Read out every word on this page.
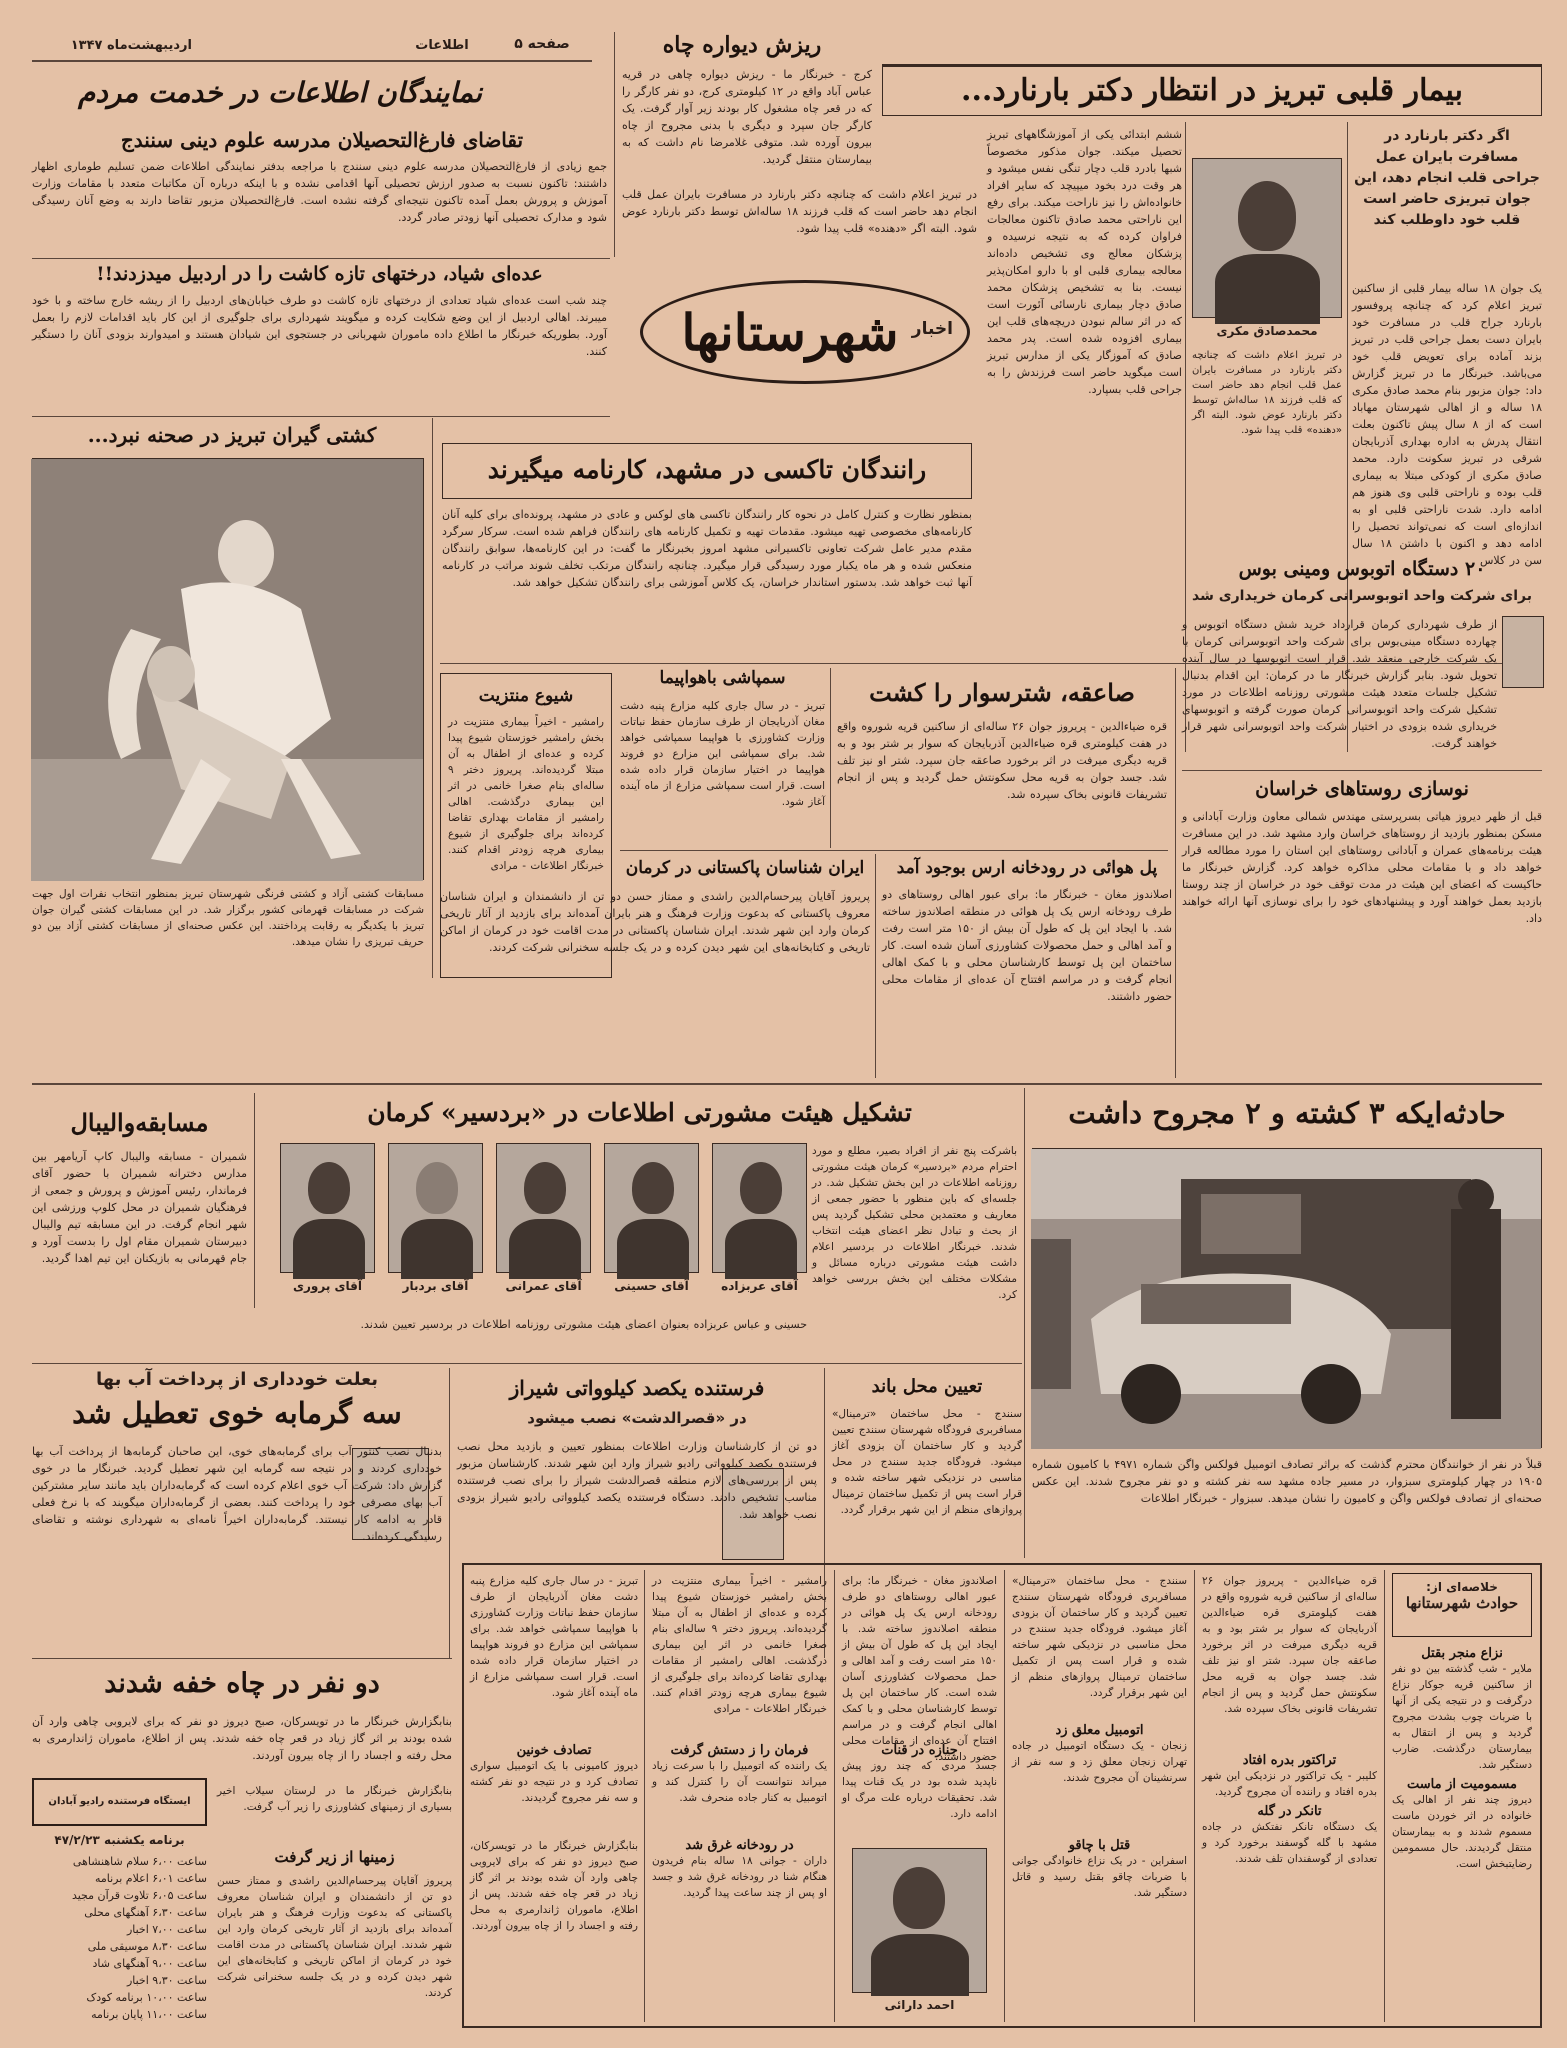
اردیبهشت‌ماه ۱۳۴۷	اطلاعات	صفحه ۵
نمایندگان اطلاعات در خدمت مردم	بیمار قلبی تبریز در انتظار دکتر بارنارد...
اگر دکتر بارنارد در مسافرت بایران عمل جراحی قلب انجام دهد، این جوان تبریزی حاضر است قلب خود داوطلب کند
محمدصادق مکری
یک جوان ۱۸ ساله بیمار قلبی از ساکنین تبریز اعلام کرد که چنانچه پروفسور بارنارد جراح قلب در مسافرت خود بایران دست بعمل جراحی قلب در تبریز بزند آماده برای تعویض قلب خود می‌باشد. خبرنگار ما در تبریز گزارش داد: جوان مزبور بنام محمد صادق مکری ۱۸ ساله و از اهالی شهرستان مهاباد است که از ۸ سال پیش تاکنون بعلت انتقال پدرش به اداره بهداری آذربایجان شرقی در تبریز سکونت دارد. محمد صادق مکری از کودکی مبتلا به بیماری قلب بوده و ناراحتی قلبی وی هنوز هم ادامه دارد. شدت ناراحتی قلبی او به اندازه‌ای است که نمی‌تواند تحصیل را ادامه دهد و اکنون با داشتن ۱۸ سال سن در کلاس
ششم ابتدائی یکی از آموزشگاههای تبریز تحصیل میکند. جوان مذکور مخصوصاً شبها بادرد قلب دچار تنگی نفس میشود و هر وقت درد بخود میپیچد که سایر افراد خانواده‌اش را نیز ناراحت میکند. برای رفع این ناراحتی محمد صادق تاکنون معالجات فراوان کرده که به نتیجه نرسیده و پزشکان معالج وی تشخیص داده‌اند معالجه بیماری قلبی او با دارو امکان‌پذیر نیست. بنا به تشخیص پزشکان محمد صادق دچار بیماری نارسائی آئورت است که در اثر سالم نبودن دریچه‌های قلب این بیماری افزوده شده است. پدر محمد صادق که آموزگار یکی از مدارس تبریز است میگوید حاضر است فرزندش را به جراحی قلب بسپارد.
در تبریز اعلام داشت که چنانچه دکتر بارنارد در مسافرت بایران عمل قلب انجام دهد حاضر است که قلب فرزند ۱۸ ساله‌اش توسط دکتر بارنارد عوض شود. البته اگر «دهنده» قلب پیدا شود.
ریزش دیواره چاه
کرج - خبرنگار ما - ریزش دیواره چاهی در قریه عباس آباد واقع در ۱۲ کیلومتری کرج، دو نفر کارگر را که در قعر چاه مشغول کار بودند زیر آوار گرفت. یک کارگر جان سپرد و دیگری با بدنی مجروح از چاه بیرون آورده شد. متوفی غلامرضا نام داشت که به بیمارستان منتقل گردید.
در تبریز اعلام داشت که چنانچه دکتر بارنارد در مسافرت بایران عمل قلب انجام دهد حاضر است که قلب فرزند ۱۸ ساله‌اش توسط دکتر بارنارد عوض شود. البته اگر «دهنده» قلب پیدا شود.
اخبار
شهرستانها
تقاضای فارغ‌التحصیلان مدرسه علوم دینی سنندج
جمع زیادی از فارغ‌التحصیلان مدرسه علوم دینی سنندج با مراجعه بدفتر نمایندگی اطلاعات ضمن تسلیم طوماری اظهار داشتند: تاکنون نسبت به صدور ارزش تحصیلی آنها اقدامی نشده و با اینکه درباره آن مکاتبات متعدد با مقامات وزارت آموزش و پرورش بعمل آمده تاکنون نتیجه‌ای گرفته نشده است. فارغ‌التحصیلان مزبور تقاضا دارند به وضع آنان رسیدگی شود و مدارک تحصیلی آنها زودتر صادر گردد.
عده‌ای شیاد، درختهای تازه کاشت را در اردبیل میدزدند!!
چند شب است عده‌ای شیاد تعدادی از درختهای تازه کاشت دو طرف خیابان‌های اردبیل را از ریشه خارج ساخته و با خود میبرند. اهالی اردبیل از این وضع شکایت کرده و میگویند شهرداری برای جلوگیری از این کار باید اقدامات لازم را بعمل آورد. بطوریکه خبرنگار ما اطلاع داده ماموران شهربانی در جستجوی این شیادان هستند و امیدوارند بزودی آنان را دستگیر کنند.
کشتی گیران تبریز در صحنه نبرد...
مسابقات کشتی آزاد و کشتی فرنگی شهرستان تبریز بمنظور انتخاب نفرات اول جهت شرکت در مسابقات قهرمانی کشور برگزار شد. در این مسابقات کشتی گیران جوان تبریز با یکدیگر به رقابت پرداختند. این عکس صحنه‌ای از مسابقات کشتی آزاد بین دو حریف تبریزی را نشان میدهد.
رانندگان تاکسی در مشهد، کارنامه میگیرند
بمنظور نظارت و کنترل کامل در نحوه کار رانندگان تاکسی های لوکس و عادی در مشهد، پرونده‌ای برای کلیه آنان کارنامه‌های مخصوصی تهیه میشود. مقدمات تهیه و تکمیل کارنامه های رانندگان فراهم شده است. سرکار سرگرد مقدم مدیر عامل شرکت تعاونی تاکسیرانی مشهد امروز بخبرنگار ما گفت: در این کارنامه‌ها، سوابق رانندگان منعکس شده و هر ماه یکبار مورد رسیدگی قرار میگیرد. چنانچه رانندگان مرتکب تخلف شوند مراتب در کارنامه آنها ثبت خواهد شد. بدستور استاندار خراسان، یک کلاس آموزشی برای رانندگان تشکیل خواهد شد.
۲۰ دستگاه اتوبوس ومینی بوس
برای شرکت واحد اتوبوسرانی کرمان خریداری شد
از طرف شهرداری کرمان قرارداد خرید شش دستگاه اتوبوس و چهارده دستگاه مینی‌بوس برای شرکت واحد اتوبوسرانی کرمان با یک شرکت خارجی منعقد شد. قرار است اتوبوسها در سال آینده تحویل شود. بنابر گزارش خبرنگار ما در کرمان: این اقدام بدنبال تشکیل جلسات متعدد هیئت مشورتی روزنامه اطلاعات در مورد تشکیل شرکت واحد اتوبوسرانی کرمان صورت گرفته و اتوبوسهای خریداری شده بزودی در اختیار شرکت واحد اتوبوسرانی شهر قرار خواهند گرفت.
نوسازی روستاهای خراسان
قبل از ظهر دیروز هیاتی بسرپرستی مهندس شمالی معاون وزارت آبادانی و مسکن بمنظور بازدید از روستاهای خراسان وارد مشهد شد. در این مسافرت هیئت برنامه‌های عمران و آبادانی روستاهای این استان را مورد مطالعه قرار خواهد داد و با مقامات محلی مذاکره خواهد کرد. گزارش خبرنگار ما حاکیست که اعضای این هیئت در مدت توقف خود در خراسان از چند روستا بازدید بعمل خواهند آورد و پیشنهادهای خود را برای نوسازی آنها ارائه خواهند داد.
شیوع منتزیت
رامشیر - اخیراً بیماری منتزیت در بخش رامشیر خوزستان شیوع پیدا کرده و عده‌ای از اطفال به آن مبتلا گردیده‌اند. پریروز دختر ۹ ساله‌ای بنام صغرا خانمی در اثر این بیماری درگذشت. اهالی رامشیر از مقامات بهداری تقاضا کرده‌اند برای جلوگیری از شیوع بیماری هرچه زودتر اقدام کنند. خبرنگار اطلاعات - مرادی
سمپاشی باهواپیما
تبریز - در سال جاری کلیه مزارع پنبه دشت مغان آذربایجان از طرف سازمان حفظ نباتات وزارت کشاورزی با هواپیما سمپاشی خواهد شد. برای سمپاشی این مزارع دو فروند هواپیما در اختیار سازمان قرار داده شده است. قرار است سمپاشی مزارع از ماه آینده آغاز شود.
صاعقه، شترسوار را کشت
قره ضیاءالدین - پریروز جوان ۲۶ ساله‌ای از ساکنین قریه شوروه واقع در هفت کیلومتری قره ضیاءالدین آذربایجان که سوار بر شتر بود و به قریه دیگری میرفت در اثر برخورد صاعقه جان سپرد. شتر او نیز تلف شد. جسد جوان به قریه محل سکونتش حمل گردید و پس از انجام تشریفات قانونی بخاک سپرده شد.
پل هوائی در رودخانه ارس بوجود آمد
اصلاندوز مغان - خبرنگار ما: برای عبور اهالی روستاهای دو طرف رودخانه ارس یک پل هوائی در منطقه اصلاندوز ساخته شد. با ایجاد این پل که طول آن بیش از ۱۵۰ متر است رفت و آمد اهالی و حمل محصولات کشاورزی آسان شده است. کار ساختمان این پل توسط کارشناسان محلی و با کمک اهالی انجام گرفت و در مراسم افتتاح آن عده‌ای از مقامات محلی حضور داشتند.
ایران شناسان پاکستانی در کرمان
پریروز آقایان پیرحسام‌الدین راشدی و ممتاز حسن دو تن از دانشمندان و ایران شناسان معروف پاکستانی که بدعوت وزارت فرهنگ و هنر بایران آمده‌اند برای بازدید از آثار تاریخی کرمان وارد این شهر شدند. ایران شناسان پاکستانی در مدت اقامت خود در کرمان از اماکن تاریخی و کتابخانه‌های این شهر دیدن کرده و در یک جلسه سخنرانی شرکت کردند.
حادثه‌ایکه ۳ کشته و ۲ مجروح داشت
قبلاً در نفر از خوانندگان محترم گذشت که براثر تصادف اتومبیل فولکس واگن شماره ۴۹۷۱ با کامیون شماره ۱۹۰۵ در چهار کیلومتری سبزوار، در مسیر جاده مشهد سه نفر کشته و دو نفر مجروح شدند. این عکس صحنه‌ای از تصادف فولکس واگن و کامیون را نشان میدهد. سبزوار - خبرنگار اطلاعات
مسابقه‌والیبال
شمیران - مسابقه والیبال کاپ آریامهر بین مدارس دخترانه شمیران با حضور آقای فرماندار، رئیس آموزش و پرورش و جمعی از فرهنگیان شمیران در محل کلوپ ورزشی این شهر انجام گرفت. در این مسابقه تیم والیبال دبیرستان شمیران مقام اول را بدست آورد و جام قهرمانی به بازیکنان این تیم اهدا گردید.
تشکیل هیئت مشورتی اطلاعات در «بردسیر» کرمان
باشرکت پنج نفر از افراد بصیر، مطلع و مورد احترام مردم «بردسیر» کرمان هیئت مشورتی روزنامه اطلاعات در این بخش تشکیل شد. در جلسه‌ای که باین منظور با حضور جمعی از معاریف و معتمدین محلی تشکیل گردید پس از بحث و تبادل نظر اعضای هیئت انتخاب شدند. خبرنگار اطلاعات در بردسیر اعلام داشت هیئت مشورتی درباره مسائل و مشکلات مختلف این بخش بررسی خواهد کرد.
آقای عربزاده
آقای حسینی
آقای عمرانی
آقای بردبار
آقای پروری
حسینی و عباس عربزاده بعنوان اعضای هیئت مشورتی روزنامه اطلاعات در بردسیر تعیین شدند.
بعلت خودداری از پرداخت آب بها
سه گرمابه خوی تعطیل شد
بدنبال نصب کنتور آب برای گرمابه‌های خوی، این صاحبان گرمابه‌ها از پرداخت آب بها خودداری کردند و در نتیجه سه گرمابه این شهر تعطیل گردید. خبرنگار ما در خوی گزارش داد: شرکت آب خوی اعلام کرده است که گرمابه‌داران باید مانند سایر مشترکین آب بهای مصرفی خود را پرداخت کنند. بعضی از گرمابه‌داران میگویند که با نرخ فعلی قادر به ادامه کار نیستند. گرمابه‌داران اخیراً نامه‌ای به شهرداری نوشته و تقاضای رسیدگی کرده‌اند.
فرستنده یکصد کیلوواتی شیراز
در «قصرالدشت» نصب میشود
دو تن از کارشناسان وزارت اطلاعات بمنظور تعیین و بازدید محل نصب فرستنده یکصد کیلوواتی رادیو شیراز وارد این شهر شدند. کارشناسان مزبور پس از بررسی‌های لازم منطقه قصرالدشت شیراز را برای نصب فرستنده مناسب تشخیص دادند. دستگاه فرستنده یکصد کیلوواتی رادیو شیراز بزودی نصب خواهد شد.
تعیین محل باند
سنندج - محل ساختمان «ترمینال» مسافربری فرودگاه شهرستان سنندج تعیین گردید و کار ساختمان آن بزودی آغاز میشود. فرودگاه جدید سنندج در محل مناسبی در نزدیکی شهر ساخته شده و قرار است پس از تکمیل ساختمان ترمینال پروازهای منظم از این شهر برقرار گردد.
دو نفر در چاه خفه شدند
بنابگزارش خبرنگار ما در تویسرکان، صبح دیروز دو نفر که برای لایروبی چاهی وارد آن شده بودند بر اثر گاز زیاد در قعر چاه خفه شدند. پس از اطلاع، ماموران ژاندارمری به محل رفته و اجساد را از چاه بیرون آوردند.
ایستگاه فرستنده رادیو آبادان
برنامه یکشنبه ۴۷/۲/۲۳
ساعت ۶،۰۰ سلام شاهنشاهی
ساعت ۶،۰۱ اعلام برنامه
ساعت ۶،۰۵ تلاوت قرآن مجید
ساعت ۶،۳۰ آهنگهای محلی
ساعت ۷،۰۰ اخبار
ساعت ۸،۳۰ موسیقی ملی
ساعت ۹،۰۰ آهنگهای شاد
ساعت ۹،۳۰ اخبار
ساعت ۱۰،۰۰ برنامه کودک
ساعت ۱۱،۰۰ پایان برنامه
بنابگزارش خبرنگار ما در لرستان سیلاب اخیر بسیاری از زمینهای کشاورزی را زیر آب گرفت.
زمینها از زیر گرفت
پریروز آقایان پیرحسام‌الدین راشدی و ممتاز حسن دو تن از دانشمندان و ایران شناسان معروف پاکستانی که بدعوت وزارت فرهنگ و هنر بایران آمده‌اند برای بازدید از آثار تاریخی کرمان وارد این شهر شدند. ایران شناسان پاکستانی در مدت اقامت خود در کرمان از اماکن تاریخی و کتابخانه‌های این شهر دیدن کرده و در یک جلسه سخنرانی شرکت کردند.
خلاصه‌ای از:
حوادث شهرستانها
نزاع منجر بقتل
ملایر - شب گذشته بین دو نفر از ساکنین قریه جوکار نزاع درگرفت و در نتیجه یکی از آنها با ضربات چوب بشدت مجروح گردید و پس از انتقال به بیمارستان درگذشت. ضارب دستگیر شد.
مسمومیت از ماست
دیروز چند نفر از اهالی یک خانواده در اثر خوردن ماست مسموم شدند و به بیمارستان منتقل گردیدند. حال مسمومین رضایتبخش است.
قره ضیاءالدین - پریروز جوان ۲۶ ساله‌ای از ساکنین قریه شوروه واقع در هفت کیلومتری قره ضیاءالدین آذربایجان که سوار بر شتر بود و به قریه دیگری میرفت در اثر برخورد صاعقه جان سپرد. شتر او نیز تلف شد. جسد جوان به قریه محل سکونتش حمل گردید و پس از انجام تشریفات قانونی بخاک سپرده شد.
تراکتور بدره افتاد
کلیبر - یک تراکتور در نزدیکی این شهر بدره افتاد و راننده آن مجروح گردید.
تانکر در گله
یک دستگاه تانکر نفتکش در جاده مشهد با گله گوسفند برخورد کرد و تعدادی از گوسفندان تلف شدند.
سنندج - محل ساختمان «ترمینال» مسافربری فرودگاه شهرستان سنندج تعیین گردید و کار ساختمان آن بزودی آغاز میشود. فرودگاه جدید سنندج در محل مناسبی در نزدیکی شهر ساخته شده و قرار است پس از تکمیل ساختمان ترمینال پروازهای منظم از این شهر برقرار گردد.
اتومبیل معلق زد
زنجان - یک دستگاه اتومبیل در جاده تهران زنجان معلق زد و سه نفر از سرنشینان آن مجروح شدند.
قتل با چاقو
اسفراین - در یک نزاع خانوادگی جوانی با ضربات چاقو بقتل رسید و قاتل دستگیر شد.
اصلاندوز مغان - خبرنگار ما: برای عبور اهالی روستاهای دو طرف رودخانه ارس یک پل هوائی در منطقه اصلاندوز ساخته شد. با ایجاد این پل که طول آن بیش از ۱۵۰ متر است رفت و آمد اهالی و حمل محصولات کشاورزی آسان شده است. کار ساختمان این پل توسط کارشناسان محلی و با کمک اهالی انجام گرفت و در مراسم افتتاح آن عده‌ای از مقامات محلی حضور داشتند.
جنازه در قنات
جسد مردی که چند روز پیش ناپدید شده بود در یک قنات پیدا شد. تحقیقات درباره علت مرگ او ادامه دارد.
احمد دارائی
رامشیر - اخیراً بیماری منتزیت در بخش رامشیر خوزستان شیوع پیدا کرده و عده‌ای از اطفال به آن مبتلا گردیده‌اند. پریروز دختر ۹ ساله‌ای بنام صغرا خانمی در اثر این بیماری درگذشت. اهالی رامشیر از مقامات بهداری تقاضا کرده‌اند برای جلوگیری از شیوع بیماری هرچه زودتر اقدام کنند. خبرنگار اطلاعات - مرادی
فرمان را ز دستش گرفت
یک راننده که اتومبیل را با سرعت زیاد میراند نتوانست آن را کنترل کند و اتومبیل به کنار جاده منحرف شد.
در رودخانه غرق شد
داران - جوانی ۱۸ ساله بنام فریدون هنگام شنا در رودخانه غرق شد و جسد او پس از چند ساعت پیدا گردید.
تبریز - در سال جاری کلیه مزارع پنبه دشت مغان آذربایجان از طرف سازمان حفظ نباتات وزارت کشاورزی با هواپیما سمپاشی خواهد شد. برای سمپاشی این مزارع دو فروند هواپیما در اختیار سازمان قرار داده شده است. قرار است سمپاشی مزارع از ماه آینده آغاز شود.
تصادف خونین
دیروز کامیونی با یک اتومبیل سواری تصادف کرد و در نتیجه دو نفر کشته و سه نفر مجروح گردیدند.
بنابگزارش خبرنگار ما در تویسرکان، صبح دیروز دو نفر که برای لایروبی چاهی وارد آن شده بودند بر اثر گاز زیاد در قعر چاه خفه شدند. پس از اطلاع، ماموران ژاندارمری به محل رفته و اجساد را از چاه بیرون آوردند.
